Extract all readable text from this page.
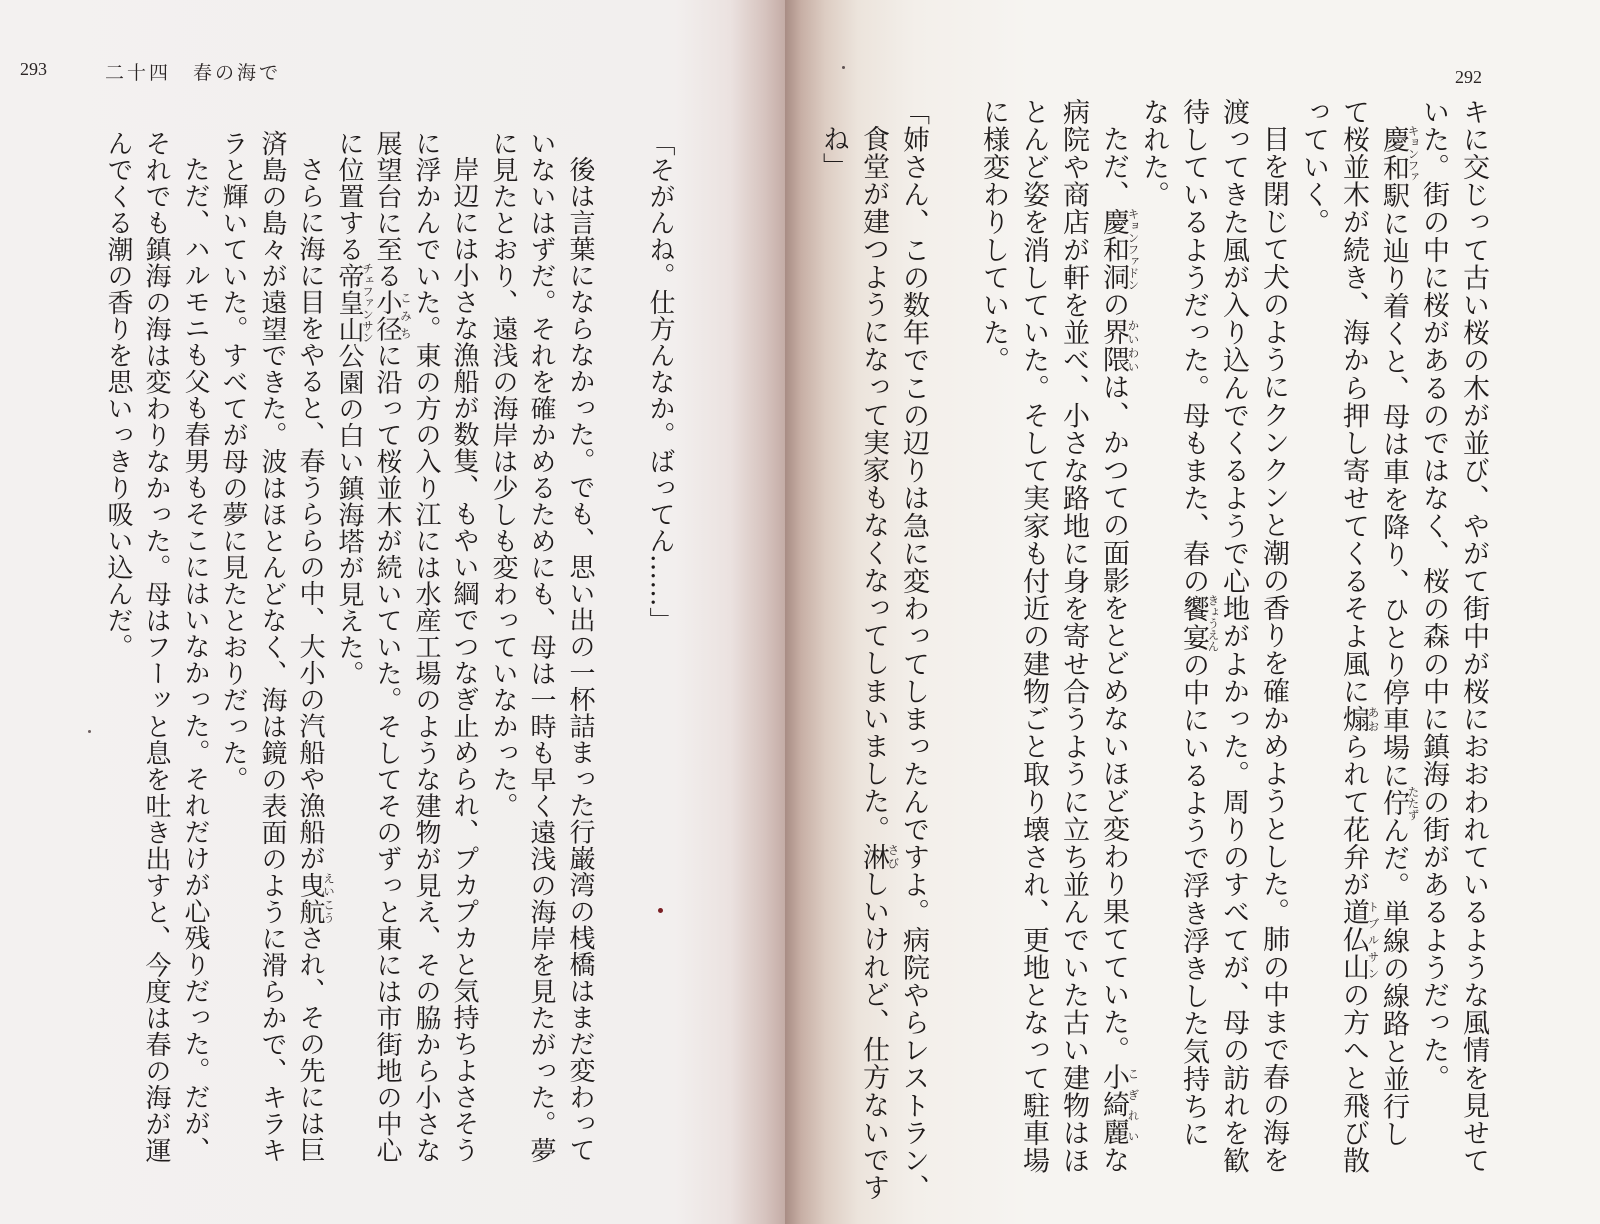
293	二十四　春の海で
「そがんね。仕方んなか。ばってん……」
後は言葉にならなかった。でも、思い出の一杯詰まった行巌湾の桟橋はまだ変わって
いないはずだ。それを確かめるためにも、母は一時も早く遠浅の海岸を見たがった。夢
に見たとおり、遠浅の海岸は少しも変わっていなかった。
岸辺には小さな漁船が数隻、もやい綱でつなぎ止められ、プカプカと気持ちよさそう
に浮かんでいた。東の方の入り江には水産工場のような建物が見え、その脇から小さな
展望台に至る小径こみちに沿って桜並木が続いていた。そしてそのずっと東には市街地の中心
に位置する帝皇山チェファンサン公園の白い鎮海塔が見えた。
さらに海に目をやると、春うららの中、大小の汽船や漁船が曳航えいこうされ、その先には巨
済島の島々が遠望できた。波はほとんどなく、海は鏡の表面のように滑らかで、キラキ
ラと輝いていた。すべてが母の夢に見たとおりだった。
ただ、ハルモニも父も春男もそこにはいなかった。それだけが心残りだった。だが、
それでも鎮海の海は変わりなかった。母はフーッと息を吐き出すと、今度は春の海が運
んでくる潮の香りを思いっきり吸い込んだ。
292
キに交じって古い桜の木が並び、やがて街中が桜におおわれているような風情を見せて
いた。街の中に桜があるのではなく、桜の森の中に鎮海の街があるようだった。
慶和キョンファ駅に辿り着くと、母は車を降り、ひとり停車場に佇たたずんだ。単線の線路と並行し
て桜並木が続き、海から押し寄せてくるそよ風に煽あおられて花弁が道仏山トブルサンの方へと飛び散
っていく。
目を閉じて犬のようにクンクンと潮の香りを確かめようとした。肺の中まで春の海を
渡ってきた風が入り込んでくるようで心地がよかった。周りのすべてが、母の訪れを歓
待しているようだった。母もまた、春の饗宴きょうえんの中にいるようで浮き浮きした気持ちに
なれた。
ただ、慶和洞キョンファドンの界隈かいわいは、かつての面影をとどめないほど変わり果てていた。小綺麗こぎれいな
病院や商店が軒を並べ、小さな路地に身を寄せ合うように立ち並んでいた古い建物はほ
とんど姿を消していた。そして実家も付近の建物ごと取り壊され、更地となって駐車場
に様変わりしていた。
「姉さん、この数年でこの辺りは急に変わってしまったんですよ。病院やらレストラン、
食堂が建つようになって実家もなくなってしまいました。淋さびしいけれど、仕方ないです
ね」
